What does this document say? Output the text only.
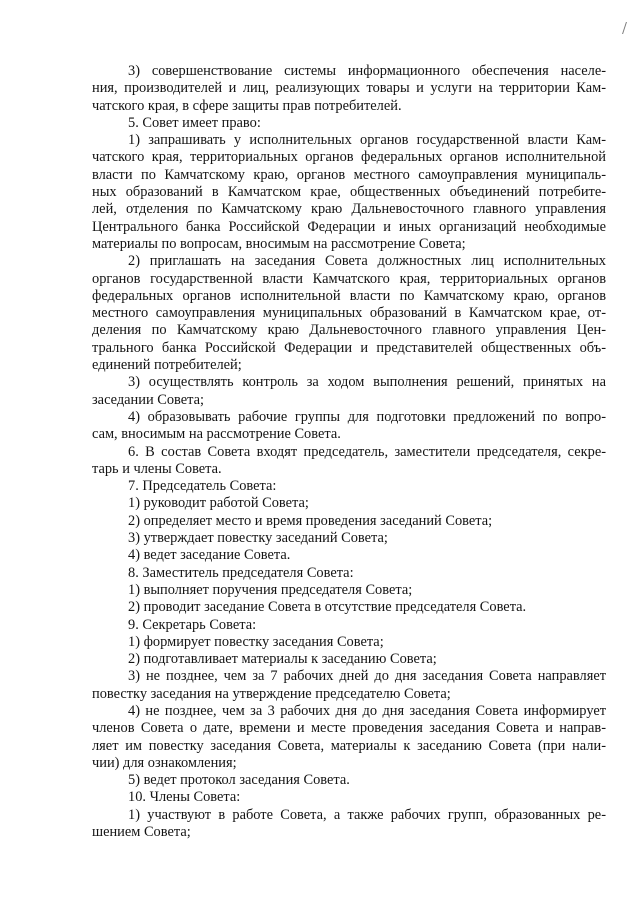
3) совершенствование системы информационного обеспечения населе-
ния, производителей и лиц, реализующих товары и услуги на территории Кам-
чатского края, в сфере защиты прав потребителей.
5. Совет имеет право:
1) запрашивать у исполнительных органов государственной власти Кам-
чатского края, территориальных органов федеральных органов исполнительной
власти по Камчатскому краю, органов местного самоуправления муниципаль-
ных образований в Камчатском крае, общественных объединений потребите-
лей, отделения по Камчатскому краю Дальневосточного главного управления
Центрального банка Российской Федерации и иных организаций необходимые
материалы по вопросам, вносимым на рассмотрение Совета;
2) приглашать на заседания Совета должностных лиц исполнительных
органов государственной власти Камчатского края, территориальных органов
федеральных органов исполнительной власти по Камчатскому краю, органов
местного самоуправления муниципальных образований в Камчатском крае, от-
деления по Камчатскому краю Дальневосточного главного управления Цен-
трального банка Российской Федерации и представителей общественных объ-
единений потребителей;
3) осуществлять контроль за ходом выполнения решений, принятых на
заседании Совета;
4) образовывать рабочие группы для подготовки предложений по вопро-
сам, вносимым на рассмотрение Совета.
6. В состав Совета входят председатель, заместители председателя, секре-
тарь и члены Совета.
7. Председатель Совета:
1) руководит работой Совета;
2) определяет место и время проведения заседаний Совета;
3) утверждает повестку заседаний Совета;
4) ведет заседание Совета.
8. Заместитель председателя Совета:
1) выполняет поручения председателя Совета;
2) проводит заседание Совета в отсутствие председателя Совета.
9. Секретарь Совета:
1) формирует повестку заседания Совета;
2) подготавливает материалы к заседанию Совета;
3) не позднее, чем за 7 рабочих дней до дня заседания Совета направляет
повестку заседания на утверждение председателю Совета;
4) не позднее, чем за 3 рабочих дня до дня заседания Совета информирует
членов Совета о дате, времени и месте проведения заседания Совета и направ-
ляет им повестку заседания Совета, материалы к заседанию Совета (при нали-
чии) для ознакомления;
5) ведет протокол заседания Совета.
10. Члены Совета:
1) участвуют в работе Совета, а также рабочих групп, образованных ре-
шением Совета;
